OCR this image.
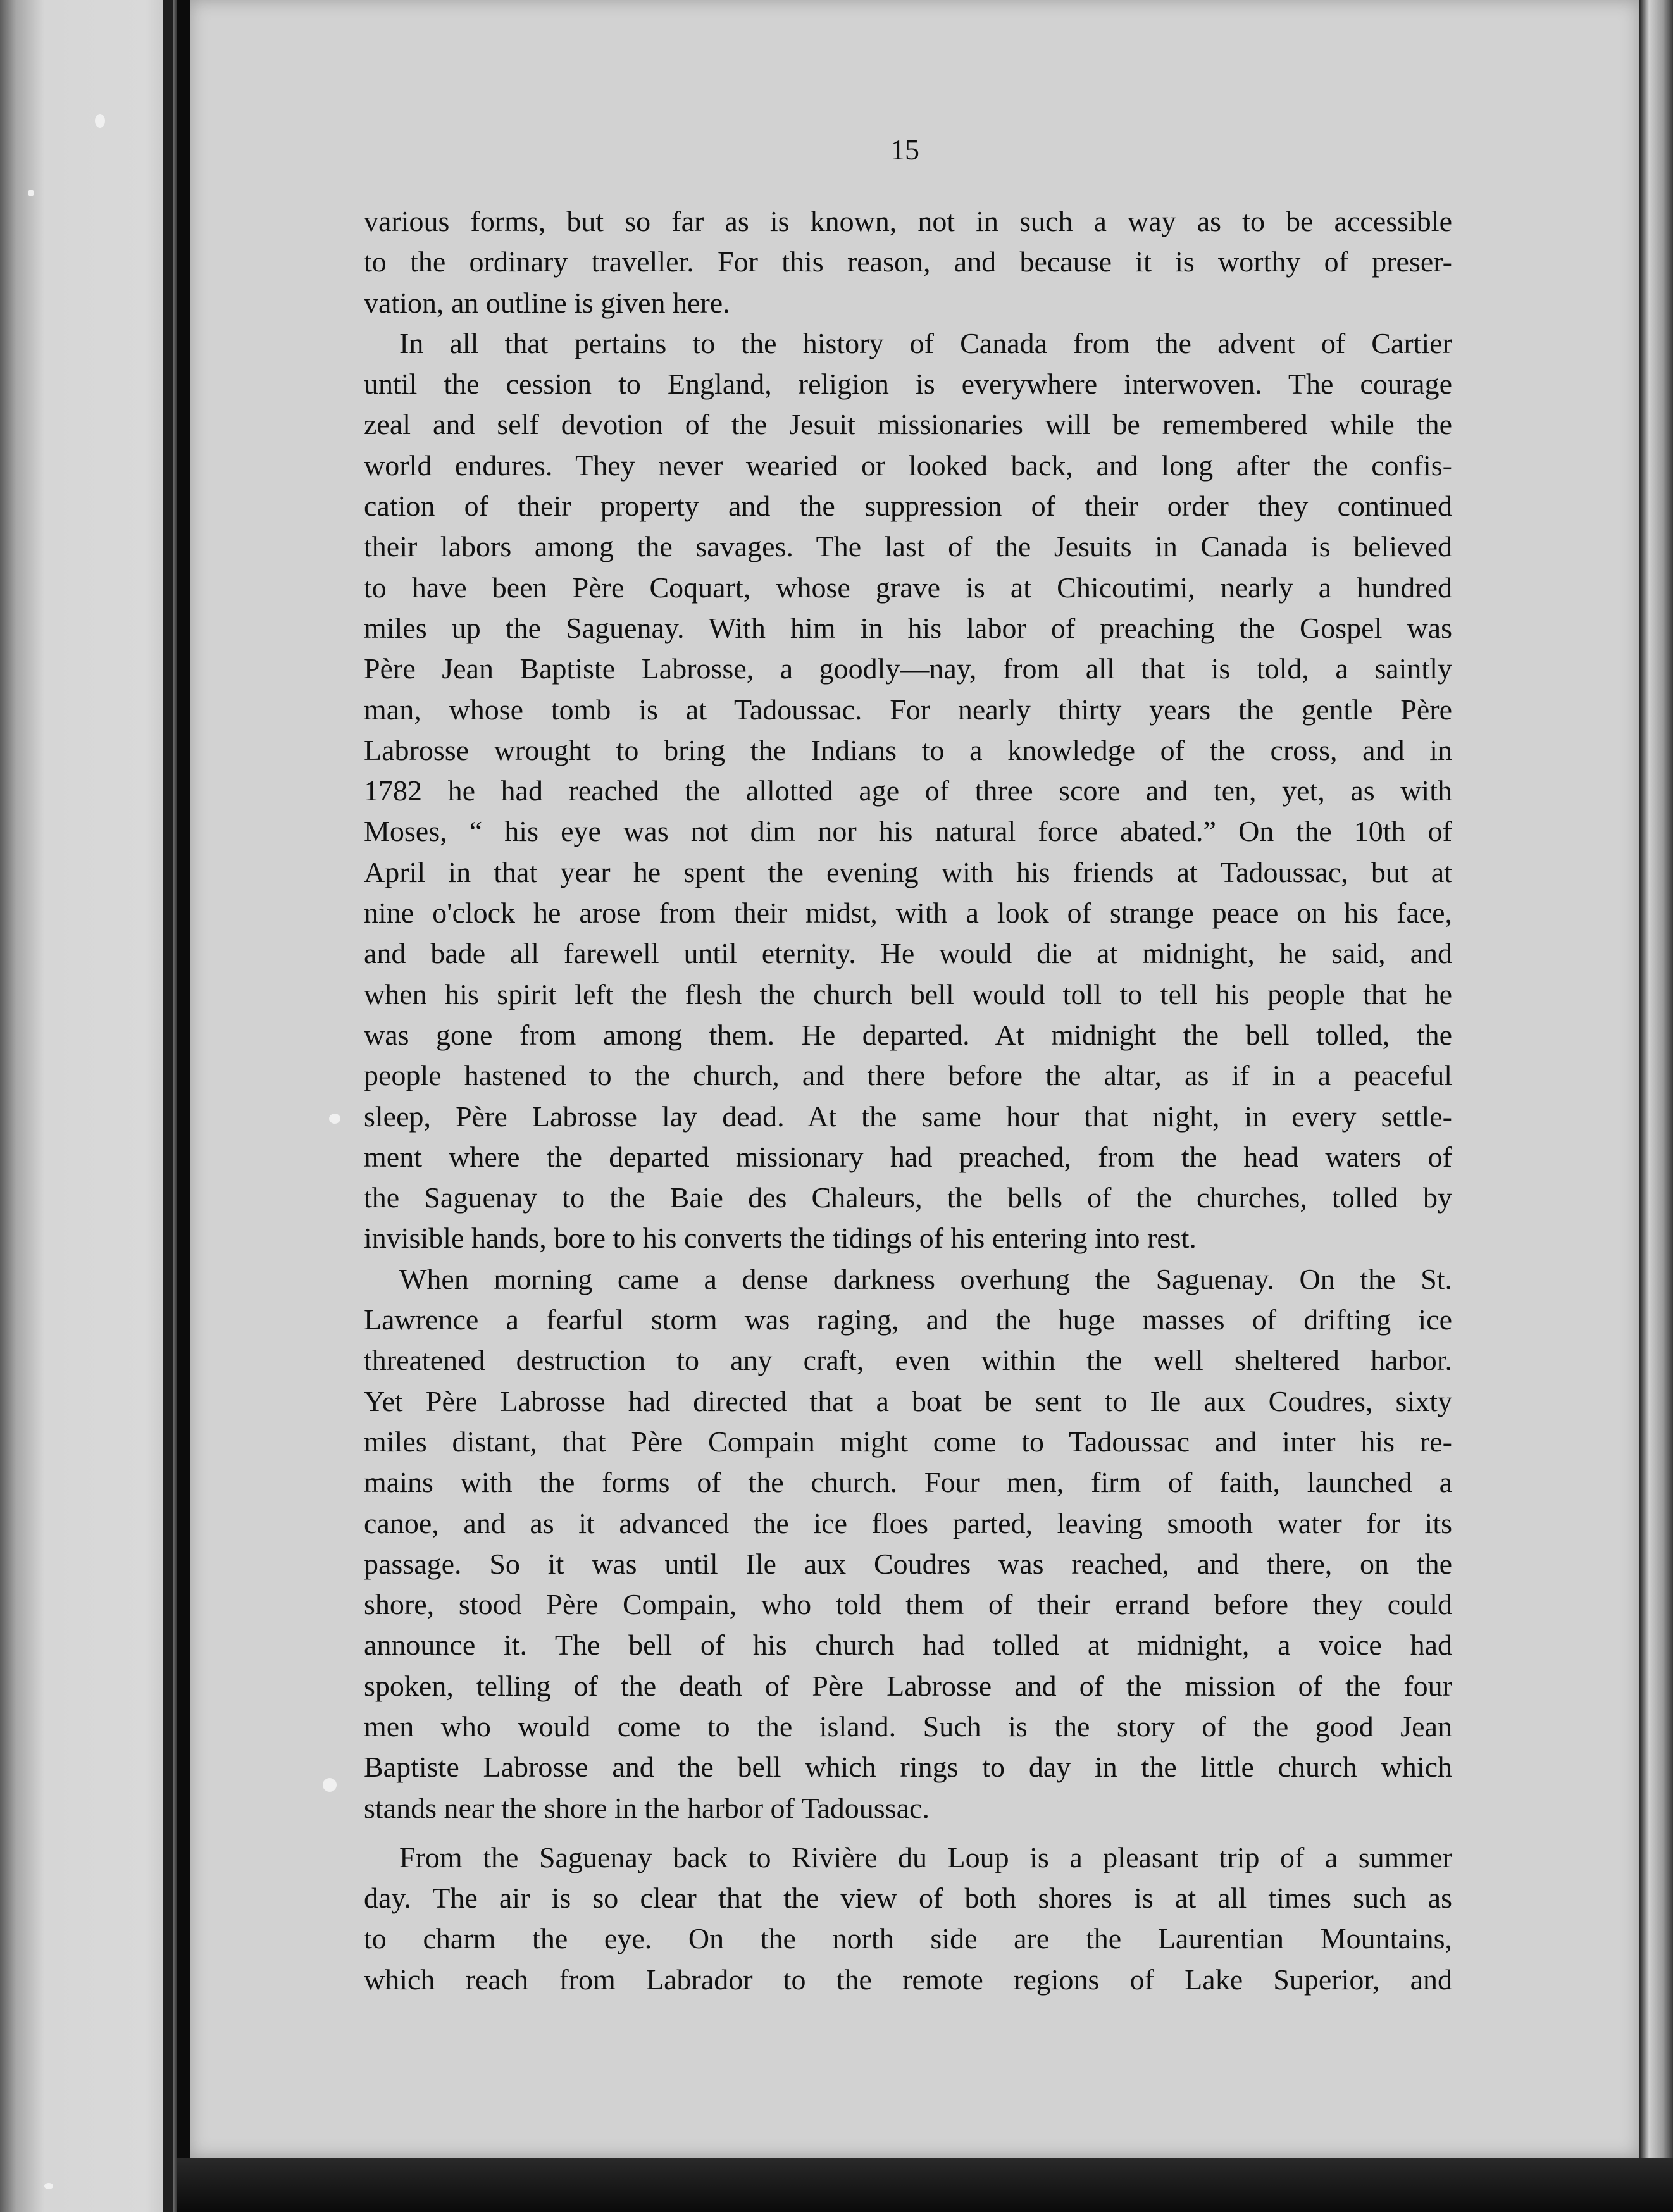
15
various forms, but so far as is known, not in such a way as to be accessible
to the ordinary traveller. For this reason, and because it is worthy of preser-
vation, an outline is given here.
In all that pertains to the history of Canada from the advent of Cartier
until the cession to England, religion is everywhere interwoven. The courage
zeal and self devotion of the Jesuit missionaries will be remembered while the
world endures. They never wearied or looked back, and long after the confis-
cation of their property and the suppression of their order they continued
their labors among the savages. The last of the Jesuits in Canada is believed
to have been Père Coquart, whose grave is at Chicoutimi, nearly a hundred
miles up the Saguenay. With him in his labor of preaching the Gospel was
Père Jean Baptiste Labrosse, a goodly—nay, from all that is told, a saintly
man, whose tomb is at Tadoussac. For nearly thirty years the gentle Père
Labrosse wrought to bring the Indians to a knowledge of the cross, and in
1782 he had reached the allotted age of three score and ten, yet, as with
Moses, “ his eye was not dim nor his natural force abated.” On the 10th of
April in that year he spent the evening with his friends at Tadoussac, but at
nine o'clock he arose from their midst, with a look of strange peace on his face,
and bade all farewell until eternity. He would die at midnight, he said, and
when his spirit left the flesh the church bell would toll to tell his people that he
was gone from among them. He departed. At midnight the bell tolled, the
people hastened to the church, and there before the altar, as if in a peaceful
sleep, Père Labrosse lay dead. At the same hour that night, in every settle-
ment where the departed missionary had preached, from the head waters of
the Saguenay to the Baie des Chaleurs, the bells of the churches, tolled by
invisible hands, bore to his converts the tidings of his entering into rest.
When morning came a dense darkness overhung the Saguenay. On the St.
Lawrence a fearful storm was raging, and the huge masses of drifting ice
threatened destruction to any craft, even within the well sheltered harbor.
Yet Père Labrosse had directed that a boat be sent to Ile aux Coudres, sixty
miles distant, that Père Compain might come to Tadoussac and inter his re-
mains with the forms of the church. Four men, firm of faith, launched a
canoe, and as it advanced the ice floes parted, leaving smooth water for its
passage. So it was until Ile aux Coudres was reached, and there, on the
shore, stood Père Compain, who told them of their errand before they could
announce it. The bell of his church had tolled at midnight, a voice had
spoken, telling of the death of Père Labrosse and of the mission of the four
men who would come to the island. Such is the story of the good Jean
Baptiste Labrosse and the bell which rings to day in the little church which
stands near the shore in the harbor of Tadoussac.
From the Saguenay back to Rivière du Loup is a pleasant trip of a summer
day. The air is so clear that the view of both shores is at all times such as
to charm the eye. On the north side are the Laurentian Mountains,
which reach from Labrador to the remote regions of Lake Superior, and
